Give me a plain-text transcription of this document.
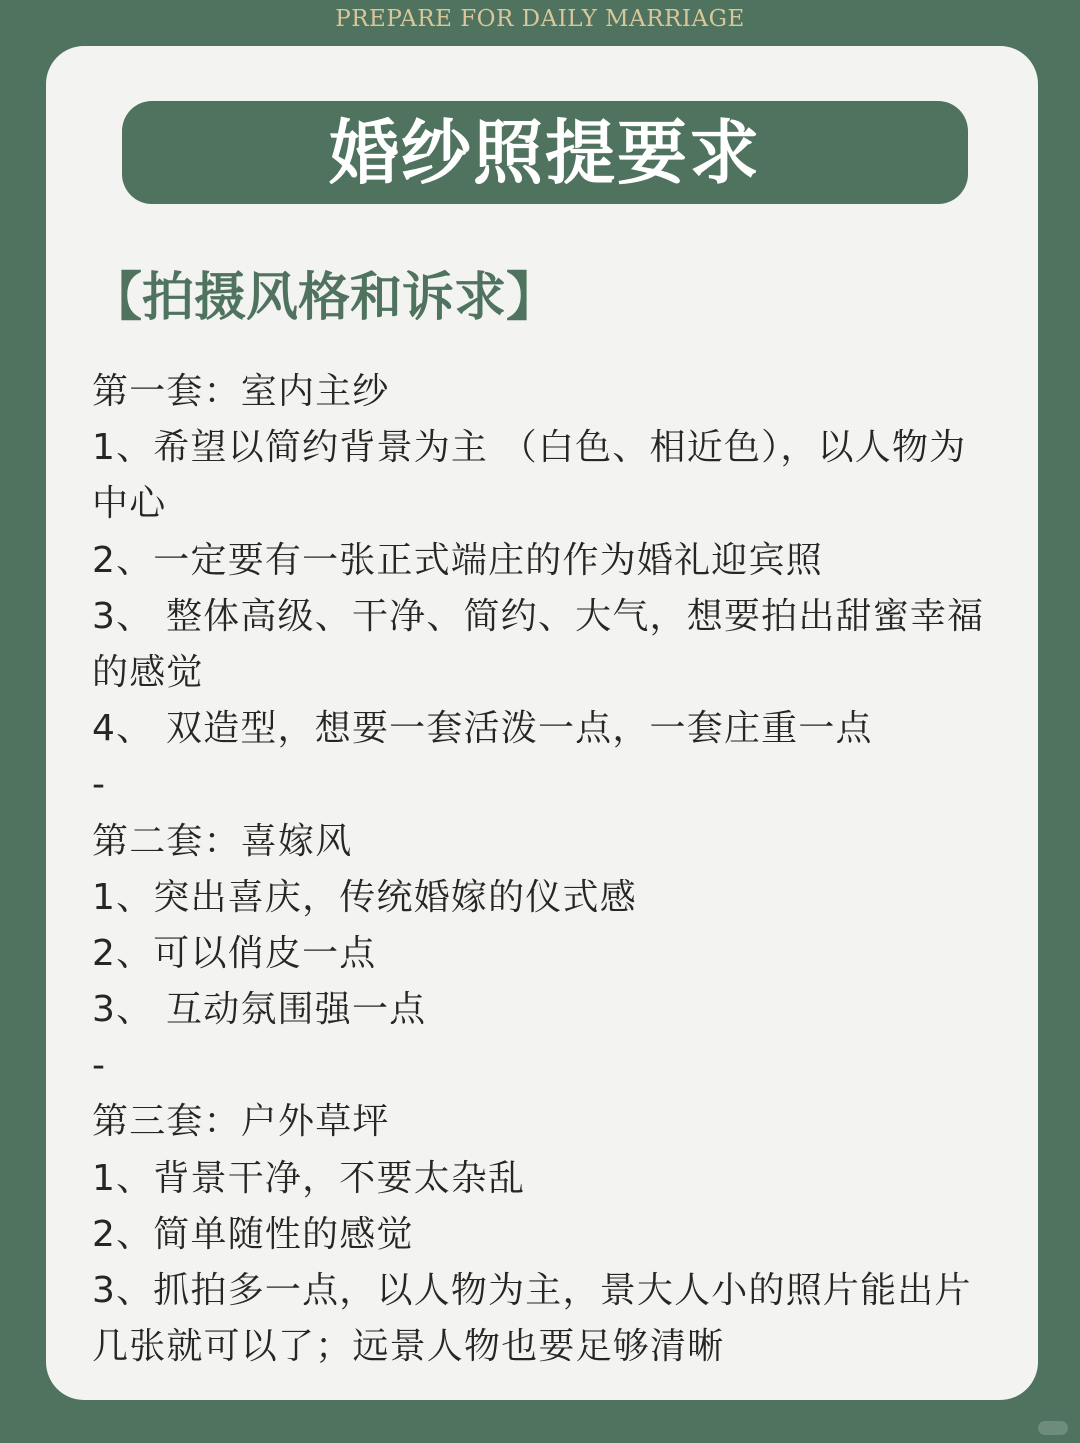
PREPARE FOR DAILY MARRIAGE
婚纱照提要求
【拍摄风格和诉求】
第一套：室内主纱
1、希望以简约背景为主 （白色、相近色），以人物为
中心
2、一定要有一张正式端庄的作为婚礼迎宾照
3、 整体高级、干净、简约、大气，想要拍出甜蜜幸福
的感觉
4、 双造型，想要一套活泼一点，一套庄重一点
-
第二套：喜嫁风
1、突出喜庆，传统婚嫁的仪式感
2、可以俏皮一点
3、 互动氛围强一点
-
第三套：户外草坪
1、背景干净，不要太杂乱
2、简单随性的感觉
3、抓拍多一点，以人物为主，景大人小的照片能出片
几张就可以了；远景人物也要足够清晰
